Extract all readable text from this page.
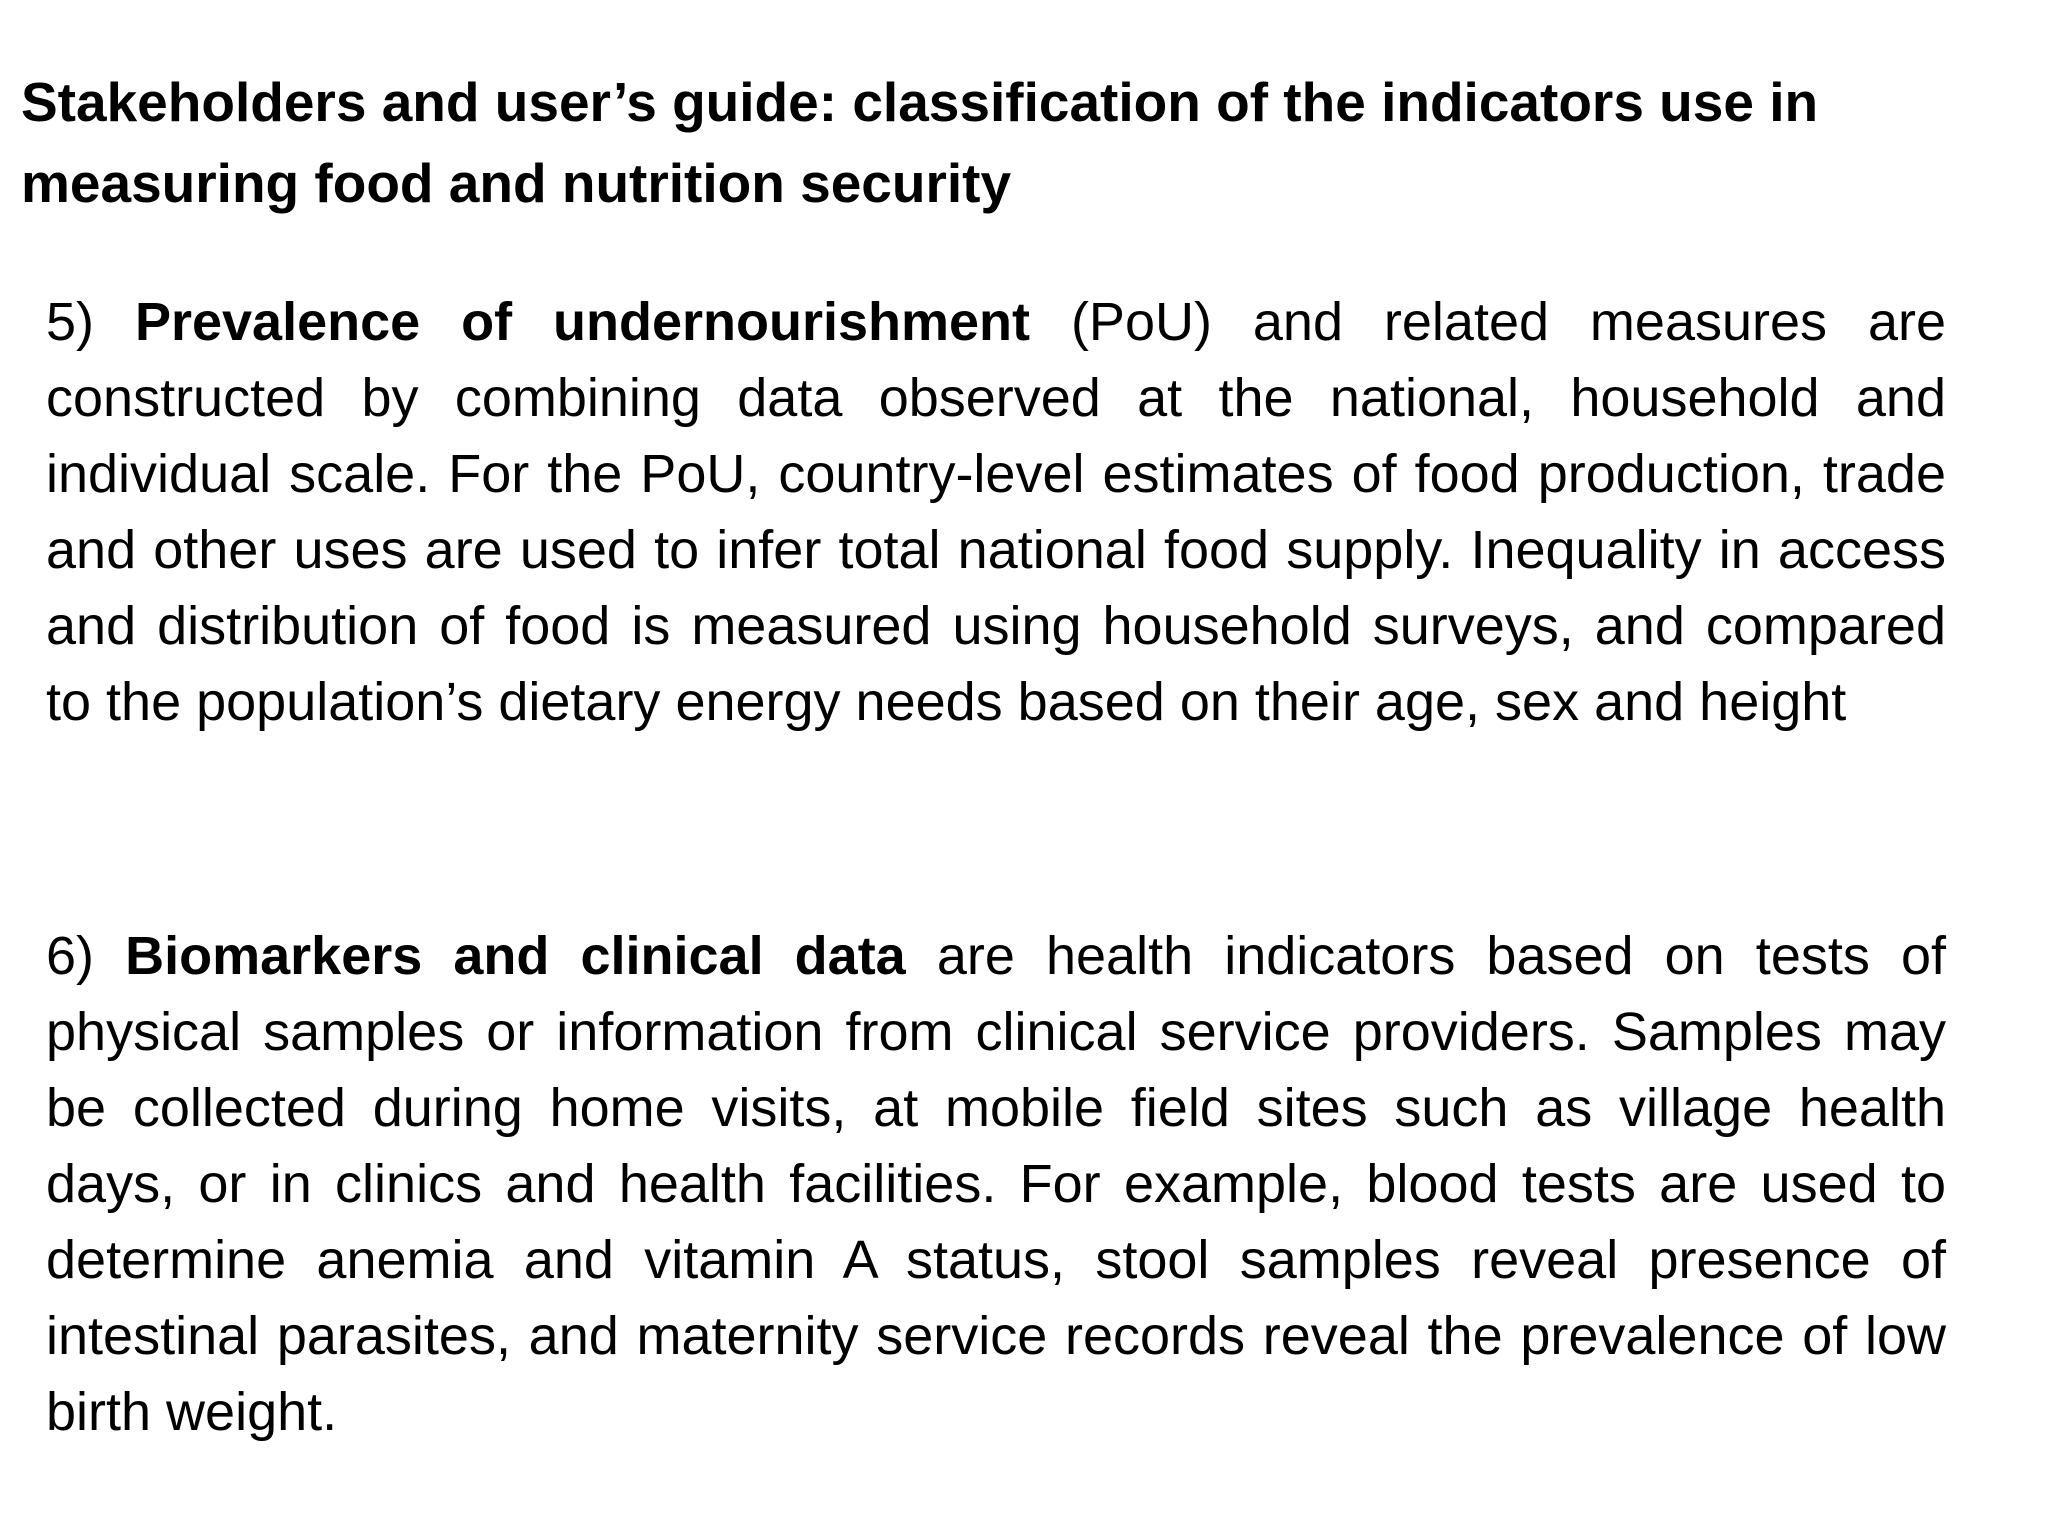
Stakeholders and user’s guide: classification of the indicators use in measuring food and nutrition security

5) Prevalence of undernourishment (PoU) and related measures are constructed by combining data observed at the national, household and individual scale. For the PoU, country-level estimates of food production, trade and other uses are used to infer total national food supply. Inequality in access and distribution of food is measured using household surveys, and compared to the population’s dietary energy needs based on their age, sex and height

6) Biomarkers and clinical data are health indicators based on tests of physical samples or information from clinical service providers. Samples may be collected during home visits, at mobile field sites such as village health days, or in clinics and health facilities. For example, blood tests are used to determine anemia and vitamin A status, stool samples reveal presence of intestinal parasites, and maternity service records reveal the prevalence of low birth weight.
